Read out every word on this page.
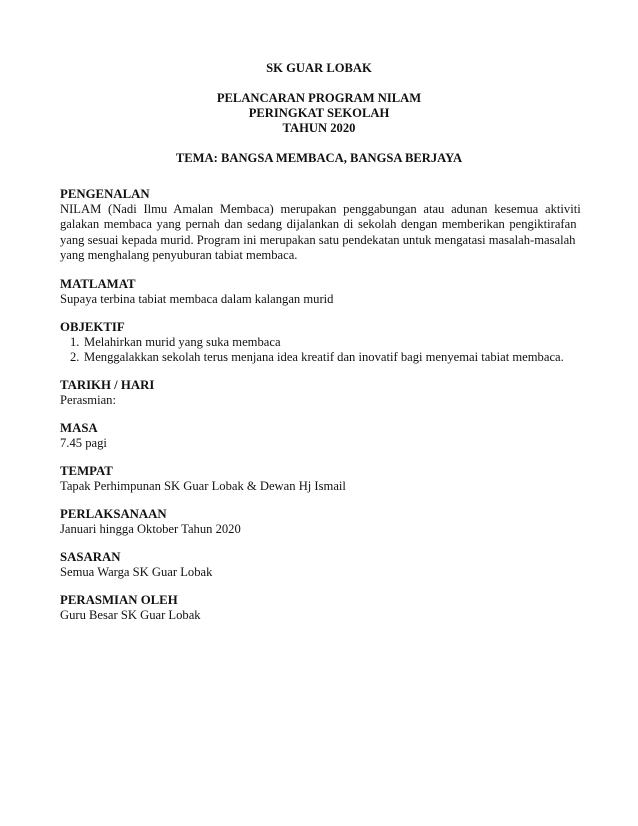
SK GUAR LOBAK
PELANCARAN PROGRAM NILAM
PERINGKAT SEKOLAH
TAHUN 2020
TEMA: BANGSA MEMBACA, BANGSA BERJAYA
PENGENALAN
NILAM (Nadi Ilmu Amalan Membaca) merupakan penggabungan atau adunan kesemua aktiviti
galakan membaca yang pernah dan sedang dijalankan di sekolah dengan memberikan pengiktirafan
yang sesuai kepada murid. Program ini merupakan satu pendekatan untuk mengatasi masalah-masalah
yang menghalang penyuburan tabiat membaca.
MATLAMAT
Supaya terbina tabiat membaca dalam kalangan murid
OBJEKTIF
1. Melahirkan murid yang suka membaca
2. Menggalakkan sekolah terus menjana idea kreatif dan inovatif bagi menyemai tabiat membaca.
TARIKH / HARI
Perasmian:
MASA
7.45 pagi
TEMPAT
Tapak Perhimpunan SK Guar Lobak & Dewan Hj Ismail
PERLAKSANAAN
Januari hingga Oktober Tahun 2020
SASARAN
Semua Warga SK Guar Lobak
PERASMIAN OLEH
Guru Besar SK Guar Lobak
